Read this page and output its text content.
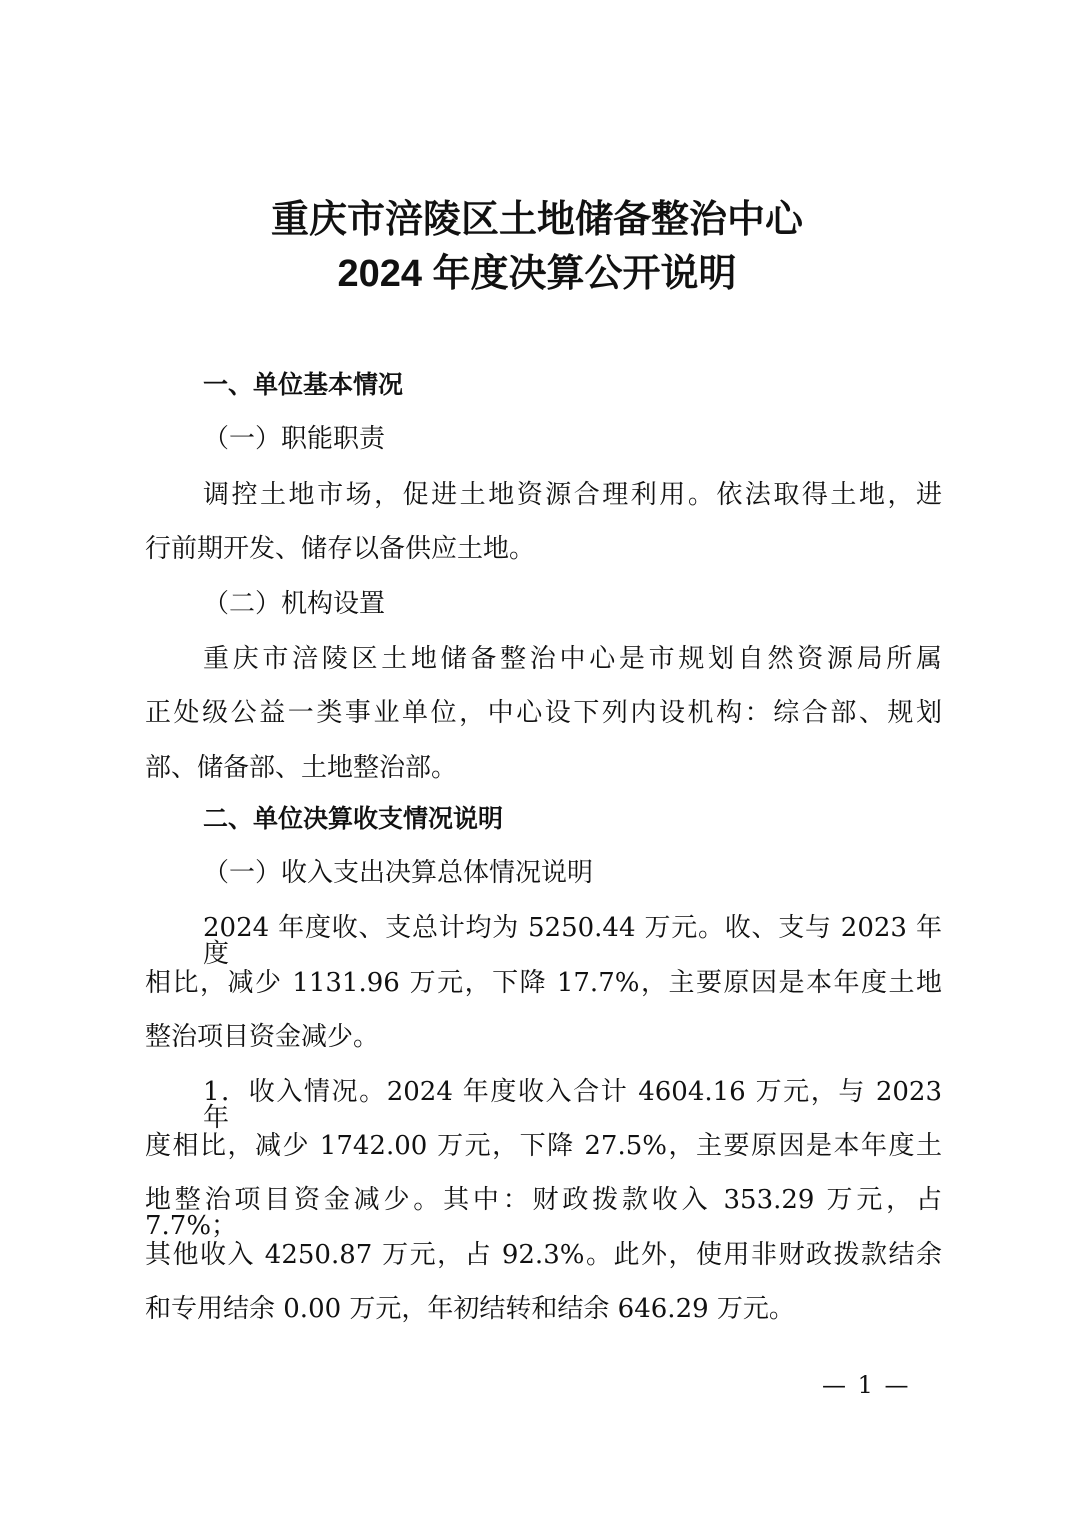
重庆市涪陵区土地储备整治中心
2024 年度决算公开说明

一、单位基本情况

（一）职能职责

调控土地市场，促进土地资源合理利用。依法取得土地，进

行前期开发、储存以备供应土地。

（二）机构设置

重庆市涪陵区土地储备整治中心是市规划自然资源局所属

正处级公益一类事业单位，中心设下列内设机构：综合部、规划

部、储备部、土地整治部。

二、单位决算收支情况说明

（一）收入支出决算总体情况说明

2024 年度收、支总计均为 5250.44 万元。收、支与 2023 年度

相比，减少 1131.96 万元，下降 17.7%，主要原因是本年度土地

整治项目资金减少。

1．收入情况。2024 年度收入合计 4604.16 万元，与 2023 年

度相比，减少 1742.00 万元，下降 27.5%，主要原因是本年度土

地整治项目资金减少。其中：财政拨款收入 353.29 万元，占 7.7%；

其他收入 4250.87 万元，占 92.3%。此外，使用非财政拨款结余

和专用结余 0.00 万元，年初结转和结余 646.29 万元。

— 1 —
